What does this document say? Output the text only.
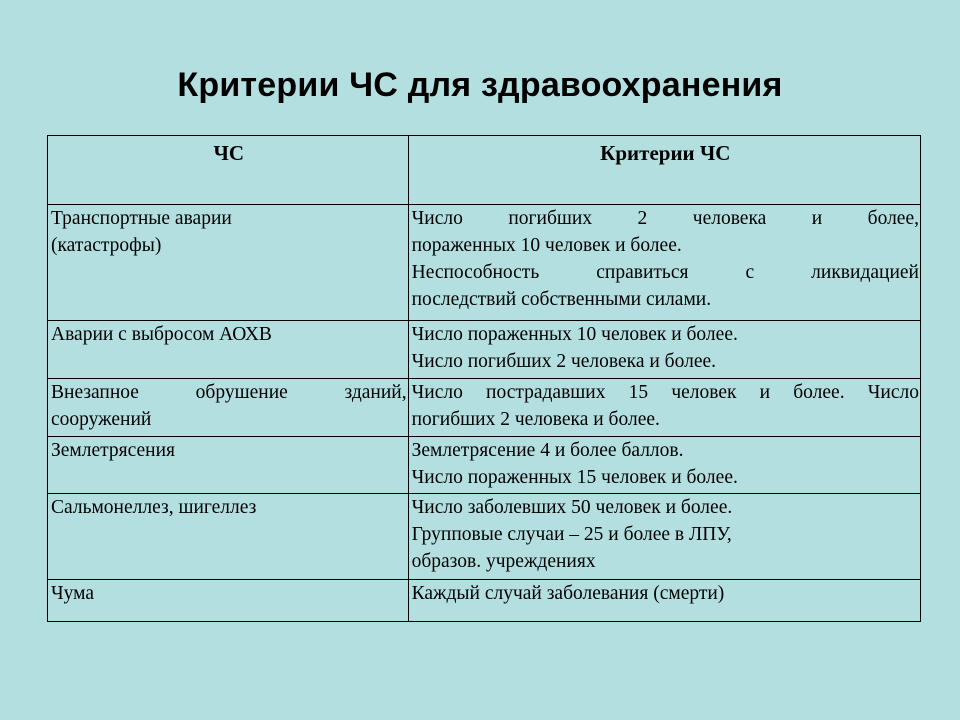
Критерии ЧС для здравоохранения
ЧС	Критерии ЧС

Транспортные аварии
(катастрофы)	Число погибших 2 человека и более,
пораженных 10 человек и более.
Неспособность справиться с ликвидацией
последствий собственными силами.

Аварии с выбросом АОХВ	Число пораженных 10 человек и более.
Число погибших 2 человека и более.

Внезапное обрушение зданий,
сооружений	Число пострадавших 15 человек и более. Число
погибших 2 человека и более.

Землетрясения	Землетрясение 4 и более баллов.
Число пораженных 15 человек и более.

Сальмонеллез, шигеллез	Число заболевших 50 человек и более.
Групповые случаи – 25 и более в ЛПУ,
образов. учреждениях

Чума	Каждый случай заболевания (смерти)
